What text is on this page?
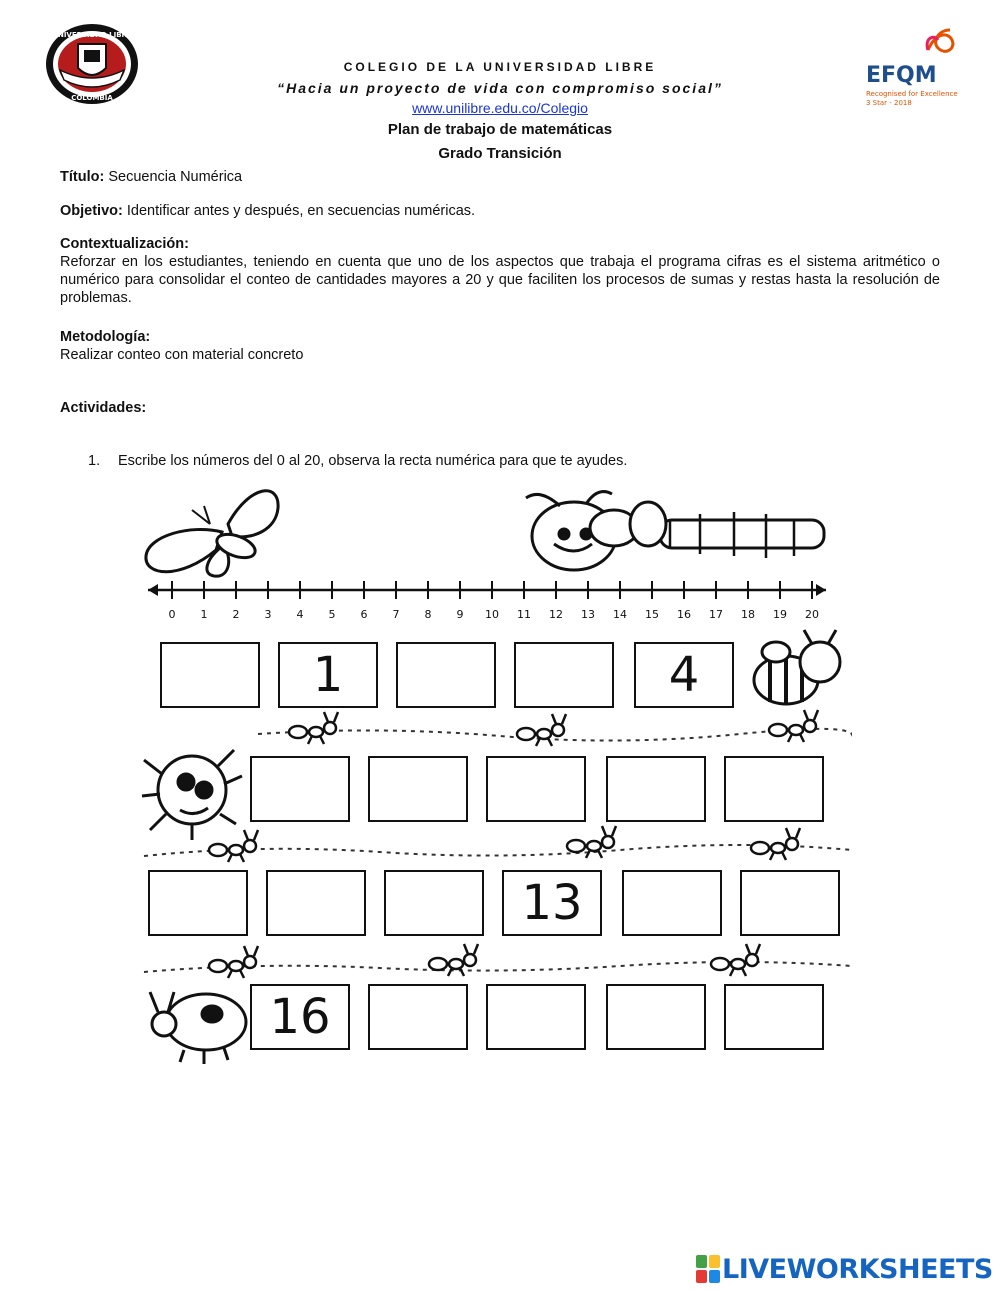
UNIVERSIDAD LIBRE
COLOMBIA
EFQM
Recognised for Excellence
3 Star - 2018
COLEGIO DE LA UNIVERSIDAD LIBRE
“Hacia un proyecto de vida con compromiso social”
www.unilibre.edu.co/Colegio
Plan de trabajo de matemáticas
Grado Transición
Título: Secuencia Numérica
Objetivo: Identificar antes y después, en secuencias numéricas.
Contextualización:
Reforzar en los estudiantes, teniendo en cuenta que uno de los aspectos que trabaja el programa cifras es el sistema aritmético o numérico para consolidar el conteo de cantidades mayores a 20 y que faciliten los procesos de sumas y restas hasta la resolución de problemas.
Metodología:
Realizar conteo con material concreto
Actividades:
1. Escribe los números del 0 al 20, observa la recta numérica para que te ayudes.
0 1 2 3 4 5 6 7 8 9 10 11 12 13 14 15 16 17 18 19 20
1	4
13
16
LIVEWORKSHEETS
